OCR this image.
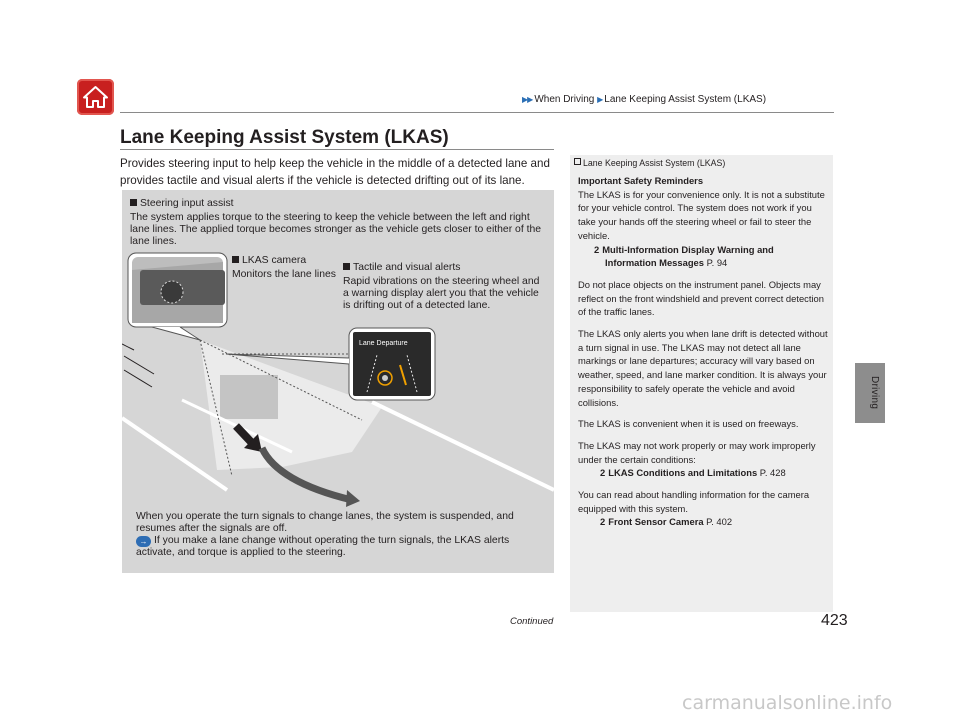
▶▶ When Driving ▶ Lane Keeping Assist System (LKAS)
Lane Keeping Assist System (LKAS)
Provides steering input to help keep the vehicle in the middle of a detected lane and provides tactile and visual alerts if the vehicle is detected drifting out of its lane.
Lane Departure
Steering input assist
The system applies torque to the steering to keep the vehicle between the left and right lane lines. The applied torque becomes stronger as the vehicle gets closer to either of the lane lines.
LKAS camera
Monitors the lane lines
Tactile and visual alerts
Rapid vibrations on the steering wheel and a warning display alert you that the vehicle is drifting out of a detected lane.
When you operate the turn signals to change lanes, the system is suspended, and resumes after the signals are off.
→ If you make a lane change without operating the turn signals, the LKAS alerts activate, and torque is applied to the steering.
Driving
Lane Keeping Assist System (LKAS)

Important Safety Reminders

The LKAS is for your convenience only. It is not a substitute for your vehicle control. The system does not work if you take your hands off the steering wheel or fail to steer the vehicle.

2 Multi-Information Display Warning and
Information Messages P. 94

Do not place objects on the instrument panel. Objects may reflect on the front windshield and prevent correct detection of the traffic lanes.

The LKAS only alerts you when lane drift is detected without a turn signal in use. The LKAS may not detect all lane markings or lane departures; accuracy will vary based on weather, speed, and lane marker condition. It is always your responsibility to safely operate the vehicle and avoid collisions.

The LKAS is convenient when it is used on freeways.

The LKAS may not work properly or may work improperly under the certain conditions:

2 LKAS Conditions and Limitations P. 428

You can read about handling information for the camera equipped with this system.

2 Front Sensor Camera P. 402
Continued	423
carmanualsonline.info
